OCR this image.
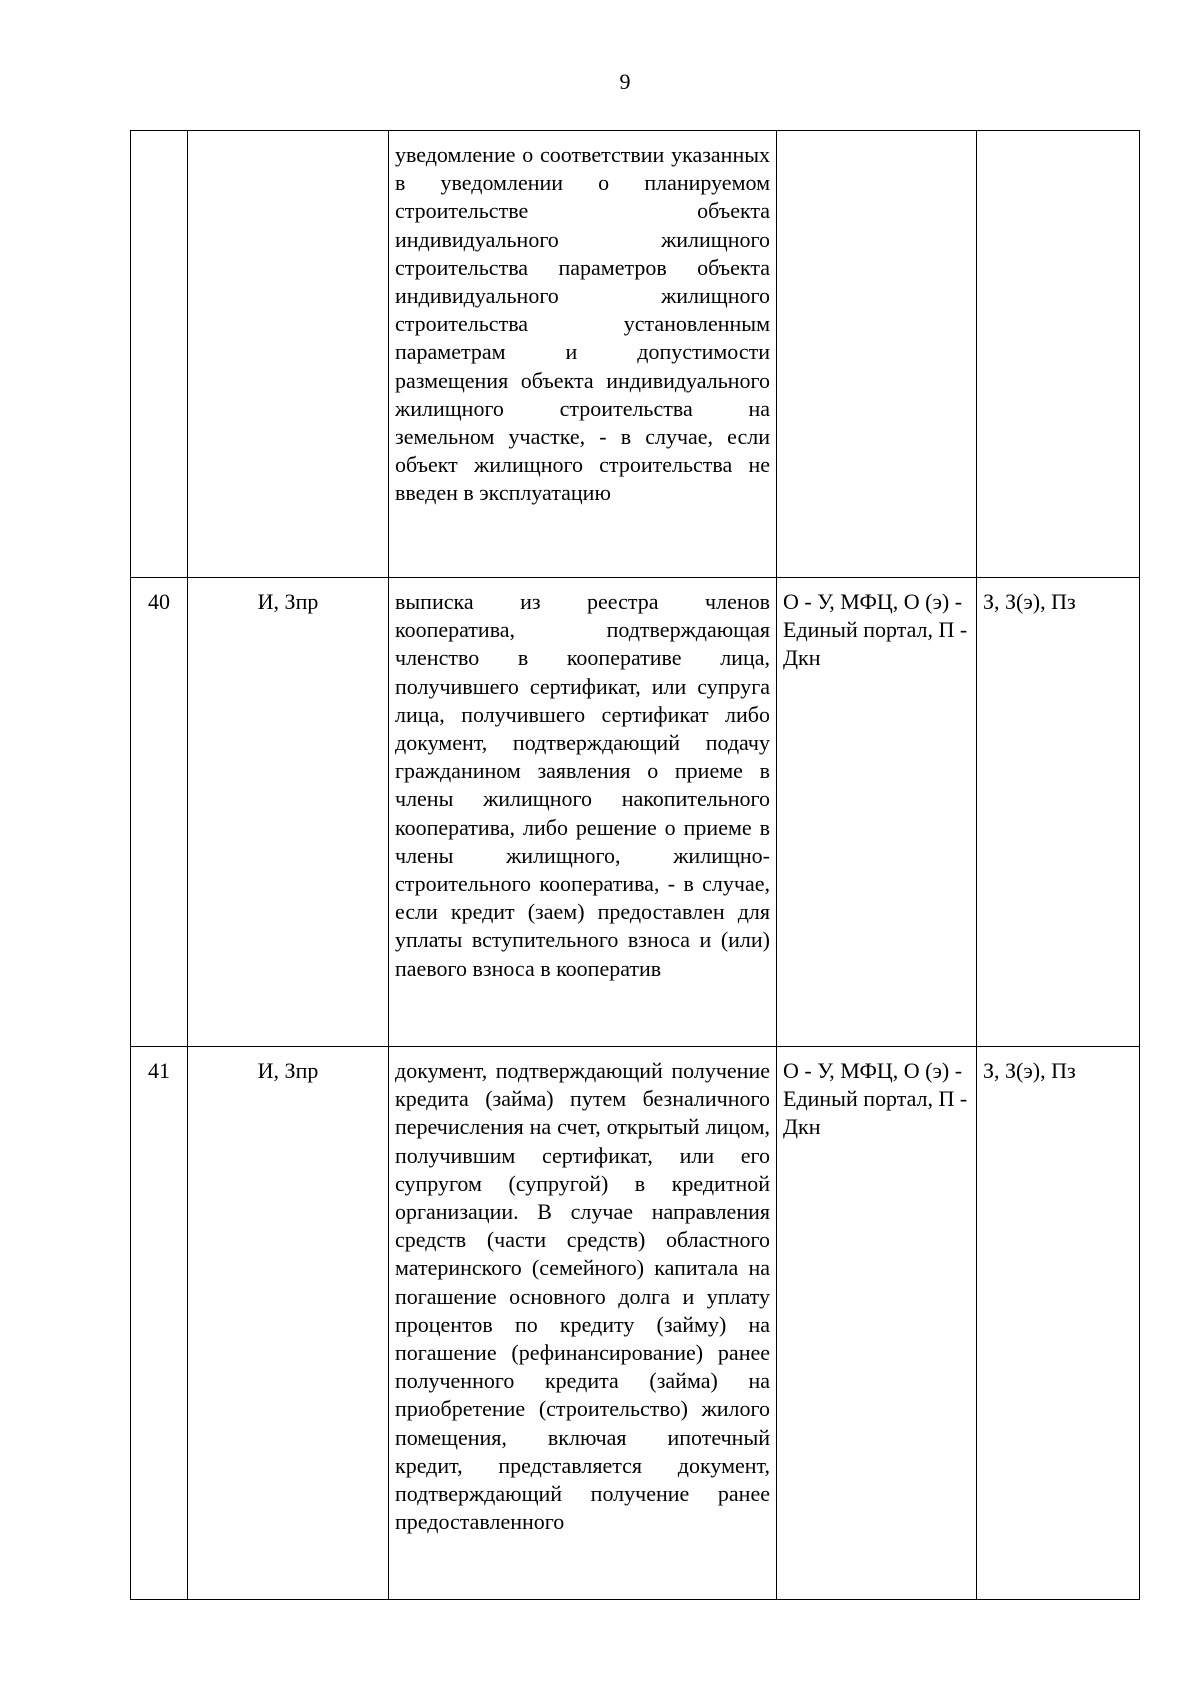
9
		уведомление о соответствии указанных в уведомлении о планируемом строительстве объекта индивидуального жилищного строительства параметров объекта индивидуального жилищного строительства установленным параметрам и допустимости размещения объекта индивидуального жилищного строительства на земельном участке, - в случае, если объект жилищного строительства не введен в эксплуатацию		
40	И, Зпр	выписка из реестра членов кооператива, подтверждающая членство в кооперативе лица, получившего сертификат, или супруга лица, получившего сертификат либо документ, подтверждающий подачу гражданином заявления о приеме в члены жилищного накопительного кооператива, либо решение о приеме в члены жилищного, жилищно-строительного кооператива, - в случае, если кредит (заем) предоставлен для уплаты вступительного взноса и (или) паевого взноса в кооператив	О - У, МФЦ, О (э) - Единый портал, П - Дкн	З, З(э), Пз
41	И, Зпр	документ, подтверждающий получение кредита (займа) путем безналичного перечисления на счет, открытый лицом, получившим сертификат, или его супругом (супругой) в кредитной организации. В случае направления средств (части средств) областного материнского (семейного) капитала на погашение основного долга и уплату процентов по кредиту (займу) на погашение (рефинансирование) ранее полученного кредита (займа) на приобретение (строительство) жилого помещения, включая ипотечный кредит, представляется документ, подтверждающий получение ранее предоставленного	О - У, МФЦ, О (э) - Единый портал, П - Дкн	З, З(э), Пз
